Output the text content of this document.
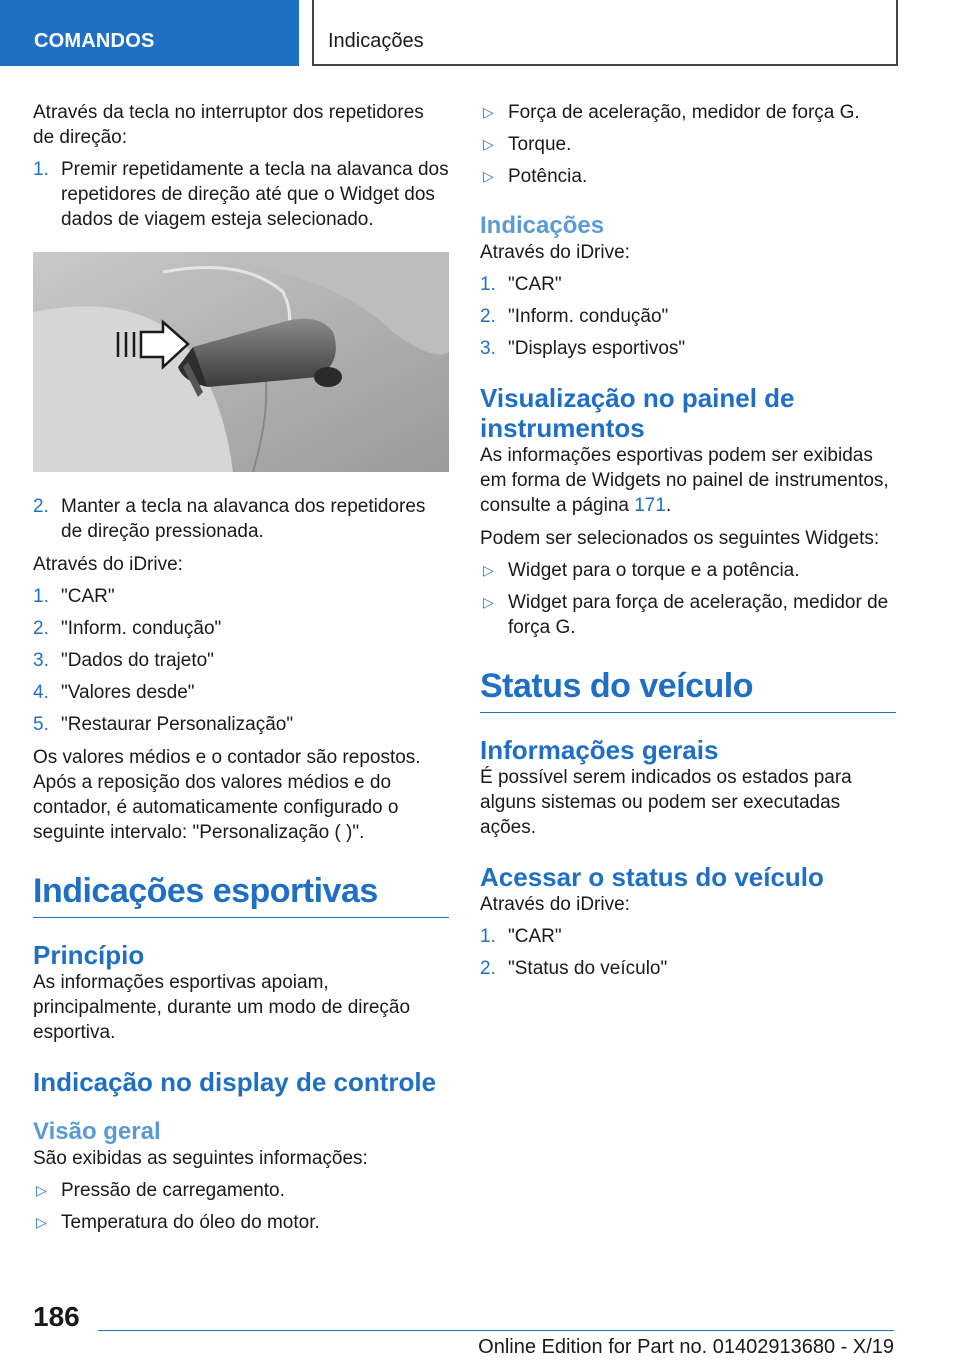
COMANDOS	Indicações

Através da tecla no interruptor dos repetidores de direção:

1. Premir repetidamente a tecla na alavanca dos repetidores de direção até que o Widget dos dados de viagem esteja selecionado.
2. Manter a tecla na alavanca dos repetidores de direção pressionada.

Através do iDrive:

1. "CAR"
2. "Inform. condução"
3. "Dados do trajeto"
4. "Valores desde"
5. "Restaurar Personalização"

Os valores médios e o contador são repostos. Após a reposição dos valores médios e do contador, é automaticamente configurado o seguinte intervalo: "Personalização ( )".

Indicações esportivas
Princípio

As informações esportivas apoiam, principalmente, durante um modo de direção esportiva.

Indicação no display de controle
Visão geral

São exibidas as seguintes informações:

▷ Pressão de carregamento.
▷ Temperatura do óleo do motor.
▷ Força de aceleração, medidor de força G.
▷ Torque.
▷ Potência.
Indicações

Através do iDrive:

1. "CAR"
2. "Inform. condução"
3. "Displays esportivos"
Visualização no painel de instrumentos

As informações esportivas podem ser exibidas em forma de Widgets no painel de instrumentos, consulte a página 171.

Podem ser selecionados os seguintes Widgets:

▷ Widget para o torque e a potência.
▷ Widget para força de aceleração, medidor de força G.
Status do veículo
Informações gerais

É possível serem indicados os estados para alguns sistemas ou podem ser executadas ações.

Acessar o status do veículo

Através do iDrive:

1. "CAR"
2. "Status do veículo"
186
Online Edition for Part no. 01402913680 - X/19
